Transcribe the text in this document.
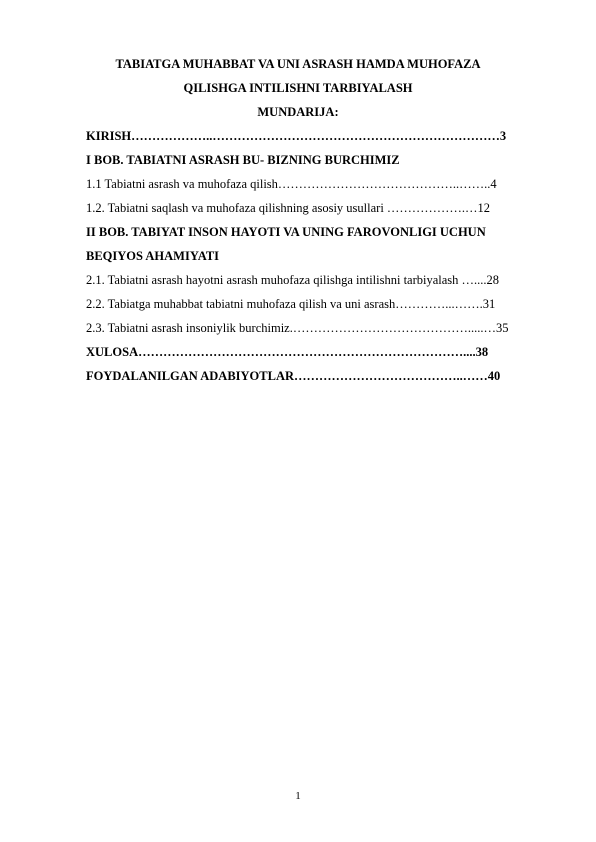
TABIATGA MUHABBAT VA UNI ASRASH HAMDA MUHOFAZA
QILISHGA INTILISHNI TARBIYALASH
MUNDARIJA:
KIRISH………………..……………………………………………………………3
I BOB. TABIATNI ASRASH BU- BIZNING BURCHIMIZ
1.1 Tabiatni asrash va muhofaza qilish……………………………………..……..4
1.2. Tabiatni saqlash va muhofaza qilishning asosiy usullari ……………….…12
II BOB. TABIYAT INSON HAYOTI VA UNING FAROVONLIGI UCHUN
BEQIYOS AHAMIYATI
2.1. Tabiatni asrash hayotni asrash muhofaza qilishga intilishni tarbiyalash …....28
2.2. Tabiatga muhabbat tabiatni muhofaza qilish va uni asrash…………...…….31
2.3. Tabiatni asrash insoniylik burchimiz.…………………………………….....…35
XULOSA……………………………………………………………………....38
FOYDALANILGAN ADABIYOTLAR…………………………………..……40
1
